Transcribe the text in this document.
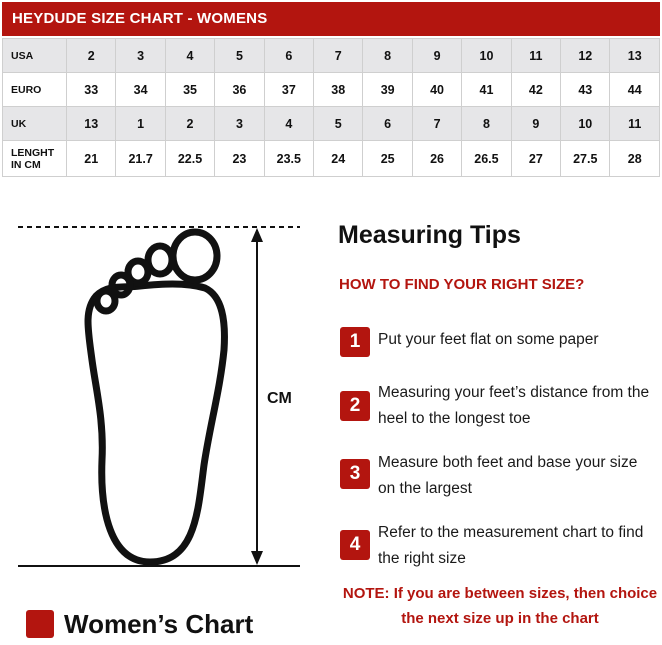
HEYDUDE SIZE CHART - WOMENS
USA	2	3	4	5	6	7	8	9	10	11	12	13
EURO	33	34	35	36	37	38	39	40	41	42	43	44
UK	13	1	2	3	4	5	6	7	8	9	10	11
LENGHT
IN CM	21	21.7	22.5	23	23.5	24	25	26	26.5	27	27.5	28
CM
Measuring Tips
HOW TO FIND YOUR RIGHT SIZE?
1	Put your feet flat on some paper
2
Measuring your feet’s distance from the heel to the longest toe
3
Measure both feet and base your size on the largest
4
Refer to the measurement chart to find the right size
NOTE: If you are between sizes, then choice the next size up in the chart
Women’s Chart
